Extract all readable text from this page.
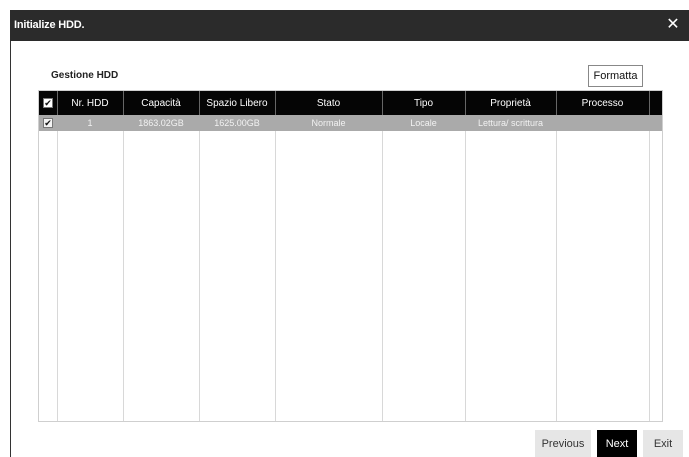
Initialize HDD.	✕
Gestione HDD	Formatta
✔	Nr. HDD	Capacità	Spazio Libero	Stato	Tipo	Proprietà	Processo
✔	1	1863.02GB	1625.00GB	Normale	Locale	Lettura/ scrittura
Previous	Next	Exit
